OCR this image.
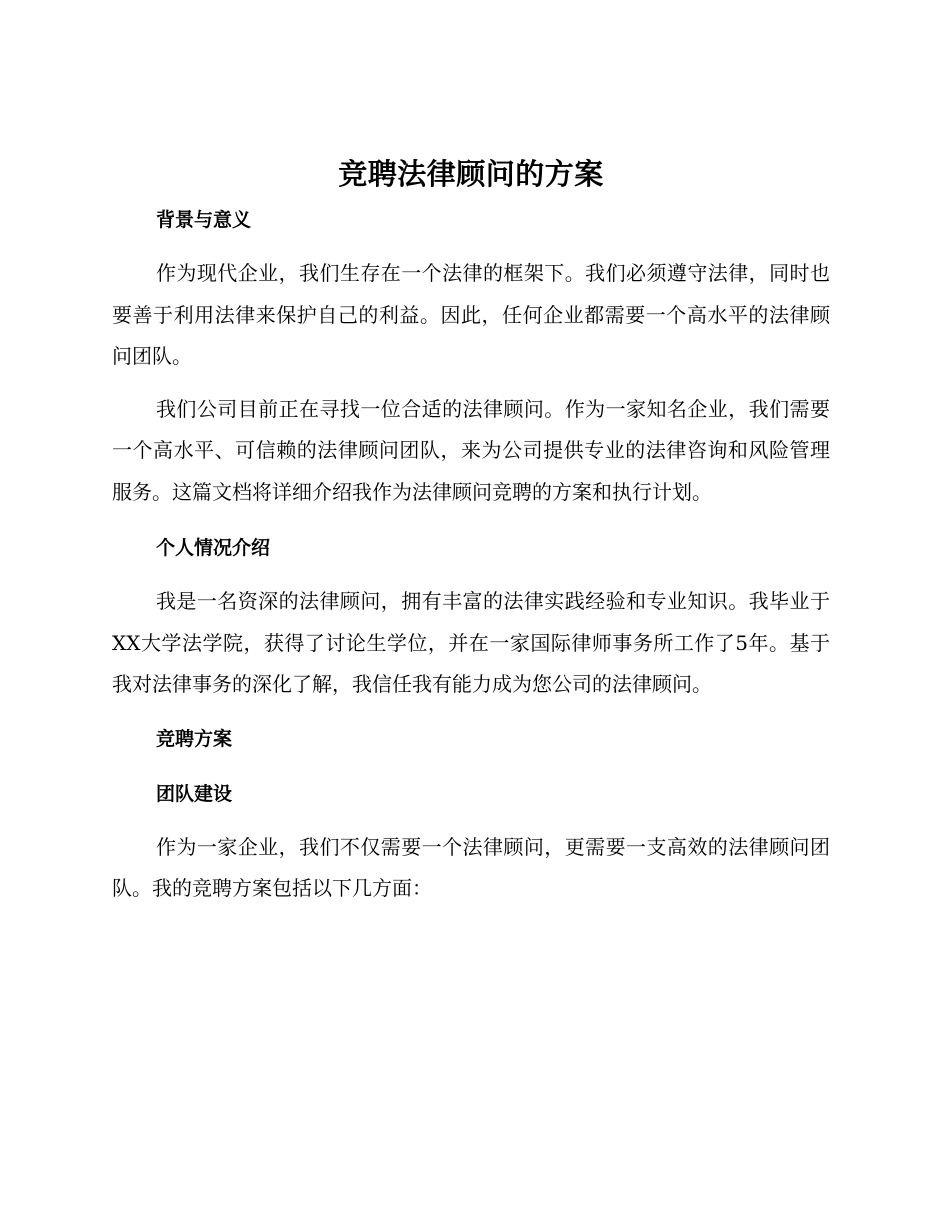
竞聘法律顾问的方案
背景与意义

作为现代企业，我们生存在一个法律的框架下。我们必须遵守法律，同时也要善于利用法律来保护自己的利益。因此，任何企业都需要一个高水平的法律顾问团队。

我们公司目前正在寻找一位合适的法律顾问。作为一家知名企业，我们需要一个高水平、可信赖的法律顾问团队，来为公司提供专业的法律咨询和风险管理服务。这篇文档将详细介绍我作为法律顾问竞聘的方案和执行计划。

个人情况介绍

我是一名资深的法律顾问，拥有丰富的法律实践经验和专业知识。我毕业于XX大学法学院，获得了讨论生学位，并在一家国际律师事务所工作了5年。基于我对法律事务的深化了解，我信任我有能力成为您公司的法律顾问。

竞聘方案
团队建设

作为一家企业，我们不仅需要一个法律顾问，更需要一支高效的法律顾问团队。我的竞聘方案包括以下几方面：
